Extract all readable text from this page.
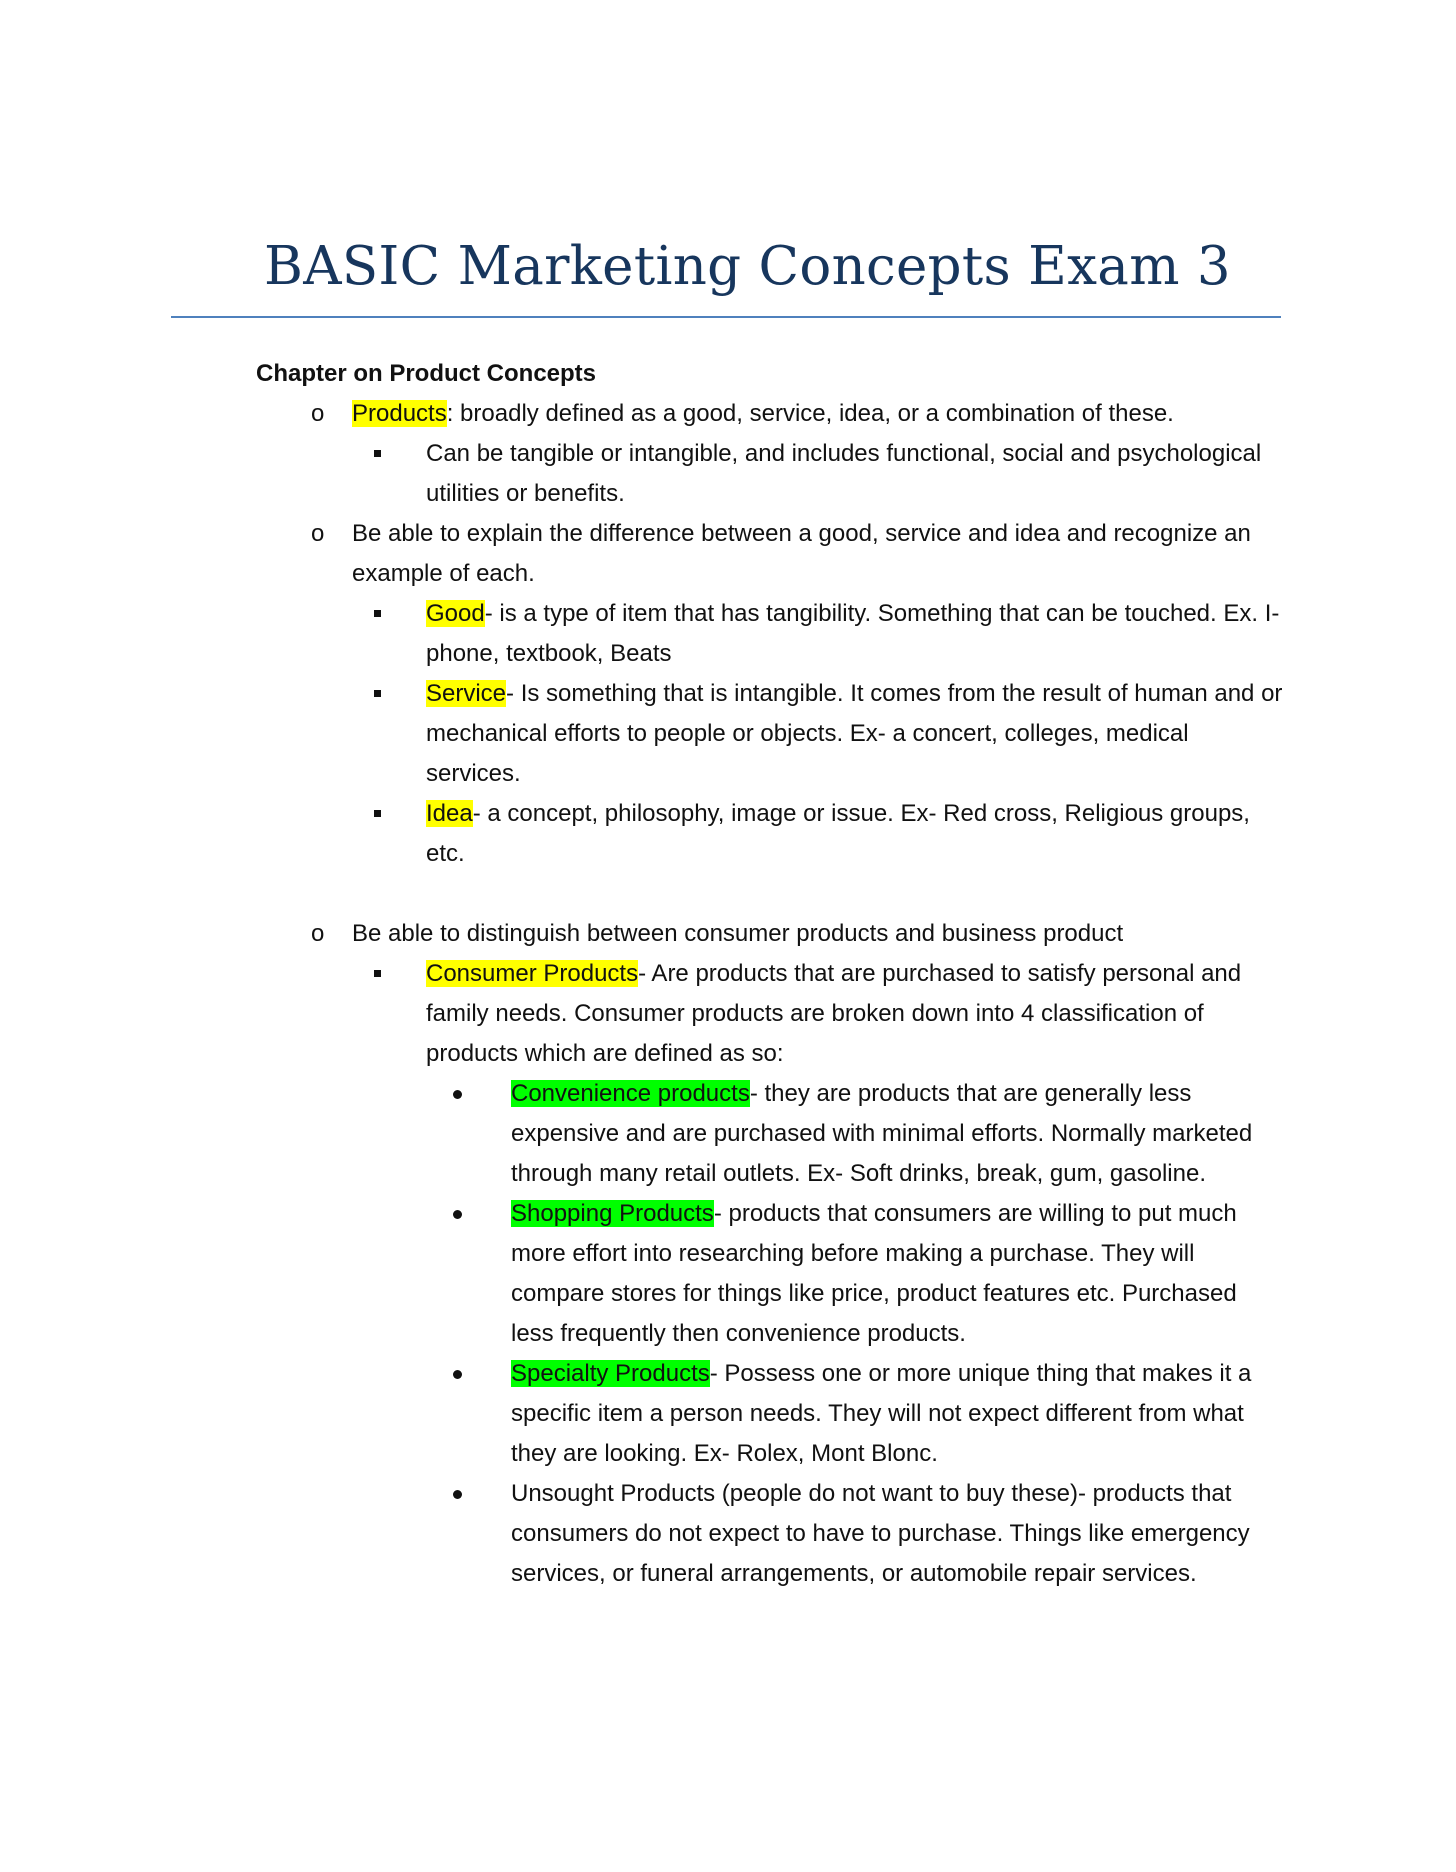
BASIC Marketing Concepts Exam 3

Chapter on Product Concepts

o Products: broadly defined as a good, service, idea, or a combination of these.
Can be tangible or intangible, and includes functional, social and psychological utilities or benefits.
o Be able to explain the difference between a good, service and idea and recognize an example of each.
Good- is a type of item that has tangibility. Something that can be touched. Ex. I-phone, textbook, Beats
Service- Is something that is intangible. It comes from the result of human and or mechanical efforts to people or objects. Ex- a concert, colleges, medical services.
Idea- a concept, philosophy, image or issue. Ex- Red cross, Religious groups, etc.
o Be able to distinguish between consumer products and business product
Consumer Products- Are products that are purchased to satisfy personal and family needs. Consumer products are broken down into 4 classification of products which are defined as so:
Convenience products- they are products that are generally less expensive and are purchased with minimal efforts. Normally marketed through many retail outlets. Ex- Soft drinks, break, gum, gasoline.
Shopping Products- products that consumers are willing to put much more effort into researching before making a purchase. They will compare stores for things like price, product features etc. Purchased less frequently then convenience products.
Specialty Products- Possess one or more unique thing that makes it a specific item a person needs. They will not expect different from what they are looking. Ex- Rolex, Mont Blonc.
Unsought Products (people do not want to buy these)- products that consumers do not expect to have to purchase. Things like emergency services, or funeral arrangements, or automobile repair services.
